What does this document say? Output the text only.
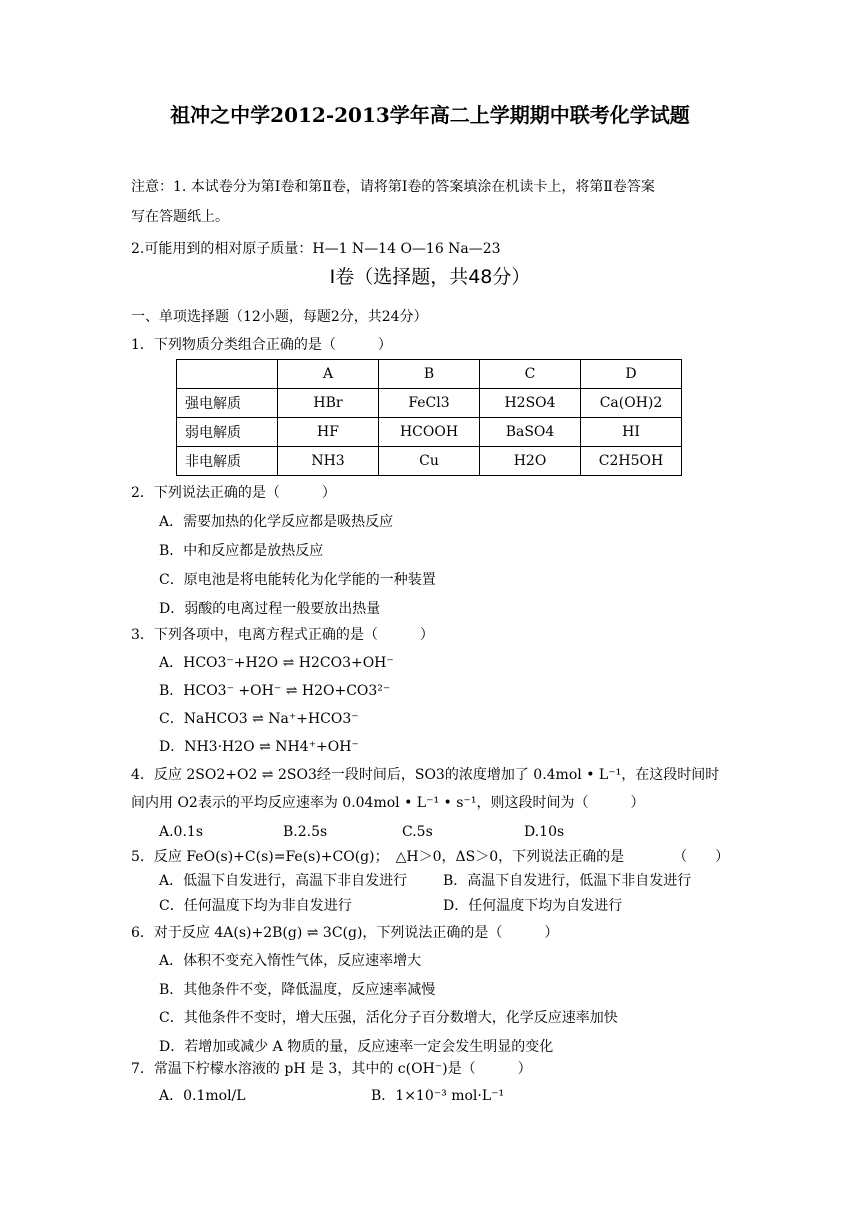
祖冲之中学2012-2013学年高二上学期期中联考化学试题
注意：1. 本试卷分为第Ⅰ卷和第Ⅱ卷，请将第Ⅰ卷的答案填涂在机读卡上，将第Ⅱ卷答案
写在答题纸上。
2.可能用到的相对原子质量：H—1 N—14 O—16 Na—23
Ⅰ卷（选择题，共48分）
一、单项选择题（12小题，每题2分，共24分）
1．下列物质分类组合正确的是（　　　）
	A	B	C	D
强电解质	HBr	FeCl3	H2SO4	Ca(OH)2
弱电解质	HF	HCOOH	BaSO4	HI
非电解质	NH3	Cu	H2O	C2H5OH
2．下列说法正确的是（　　　）
A．需要加热的化学反应都是吸热反应
B．中和反应都是放热反应
C．原电池是将电能转化为化学能的一种装置
D．弱酸的电离过程一般要放出热量
3．下列各项中，电离方程式正确的是（　　　）
A．HCO3⁻+H2O ⇌ H2CO3+OH⁻
B．HCO3⁻ +OH⁻ ⇌ H2O+CO3²⁻
C．NaHCO3 ⇌ Na⁺+HCO3⁻
D．NH3·H2O ⇌ NH4⁺+OH⁻
4．反应 2SO2+O2 ⇌ 2SO3经一段时间后，SO3的浓度增加了 0.4mol • L⁻¹，在这段时间时
间内用 O2表示的平均反应速率为 0.04mol • L⁻¹ • s⁻¹，则这段时间为（　　　）
A.0.1s	B.2.5s	C.5s	D.10s
5．反应 FeO(s)+C(s)=Fe(s)+CO(g)；　△H＞0，ΔS＞0，下列说法正确的是　　　　（　　）
A．低温下自发进行，高温下非自发进行	B．高温下自发进行，低温下非自发进行
C．任何温度下均为非自发进行	D．任何温度下均为自发进行
6．对于反应 4A(s)+2B(g) ⇌ 3C(g)，下列说法正确的是（　　　）
A．体积不变充入惰性气体，反应速率增大
B．其他条件不变，降低温度，反应速率减慢
C．其他条件不变时，增大压强，活化分子百分数增大，化学反应速率加快
D．若增加或减少 A 物质的量，反应速率一定会发生明显的变化
7．常温下柠檬水溶液的 pH 是 3，其中的 c(OH⁻)是（　　　）
A．0.1mol/L	B．1×10⁻³ mol·L⁻¹
